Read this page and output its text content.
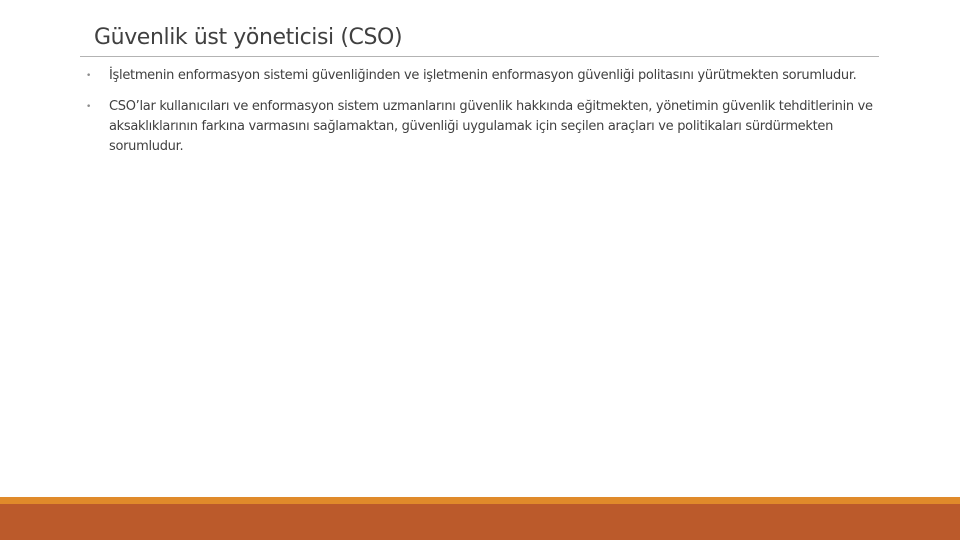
Güvenlik üst yöneticisi (CSO)
• İşletmenin enformasyon sistemi güvenliğinden ve işletmenin enformasyon güvenliği politasını yürütmekten sorumludur.
• CSO’lar kullanıcıları ve enformasyon sistem uzmanlarını güvenlik hakkında eğitmekten, yönetimin güvenlik tehditlerinin ve aksaklıklarının farkına varmasını sağlamaktan, güvenliği uygulamak için seçilen araçları ve politikaları sürdürmekten sorumludur.
